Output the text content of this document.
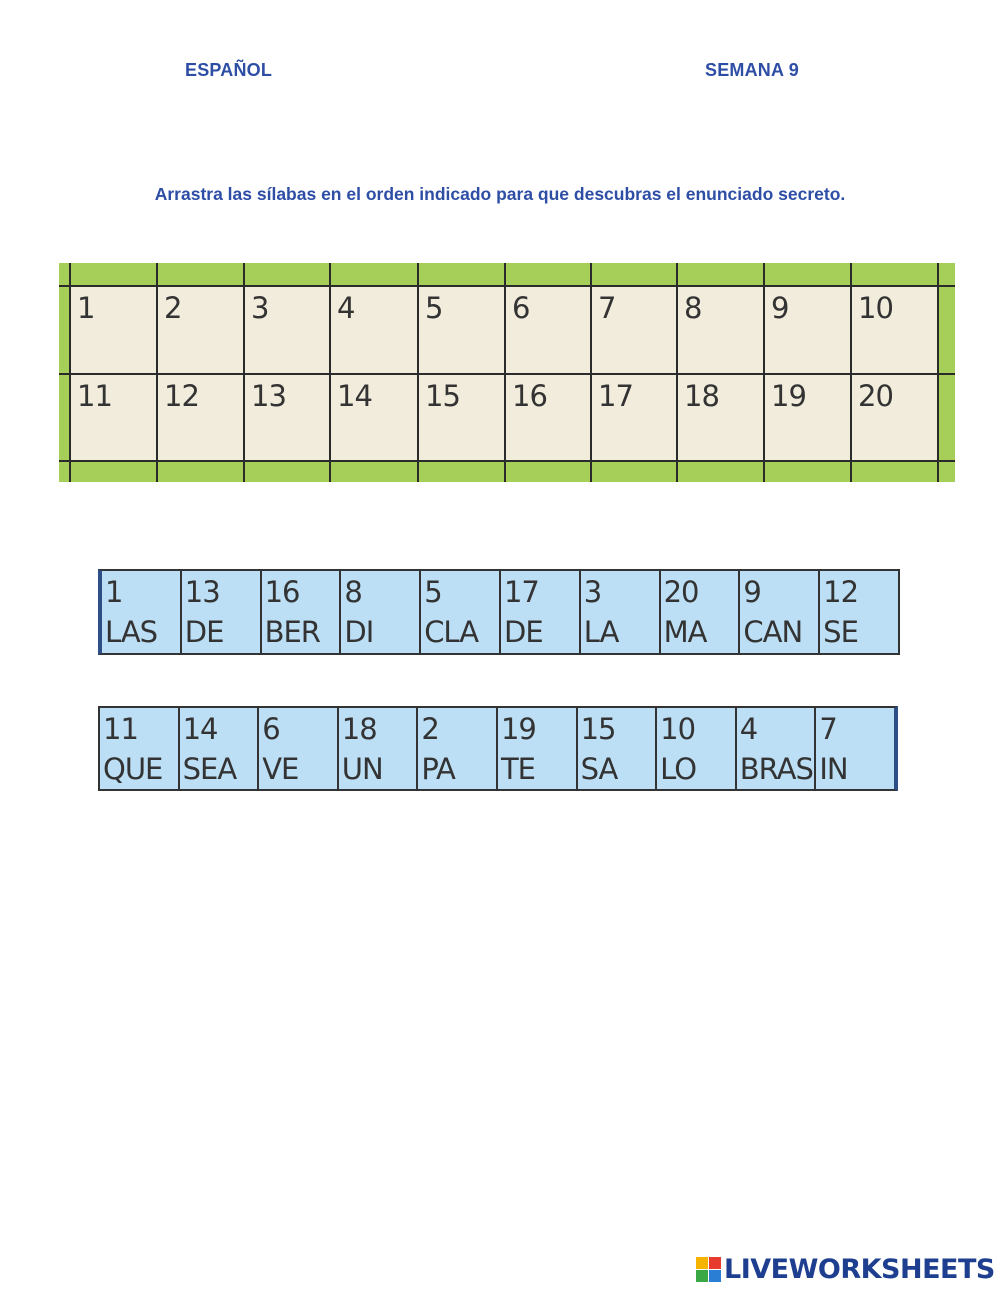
ESPAÑOL	SEMANA 9
Arrastra las sílabas en el orden indicado para que descubras el enunciado secreto.
1
____ 2
____ 3
____ 4
____ 5
____ 6
____ 7
____ 8
____ 9
____ 10
____
11
____ 12
____ 13
____ 14
____ 15
____ 16
____ 17
____ 18
____ 19
____ 20
____
1
LAS
13
DE
16
BER
8
DI
5
CLA
17
DE
3
LA
20
MA
9
CAN
12
SE
11
QUE
14
SEA
6
VE
18
UN
2
PA
19
TE
15
SA
10
LO
4
BRAS
7
IN
LIVEWORKSHEETS
